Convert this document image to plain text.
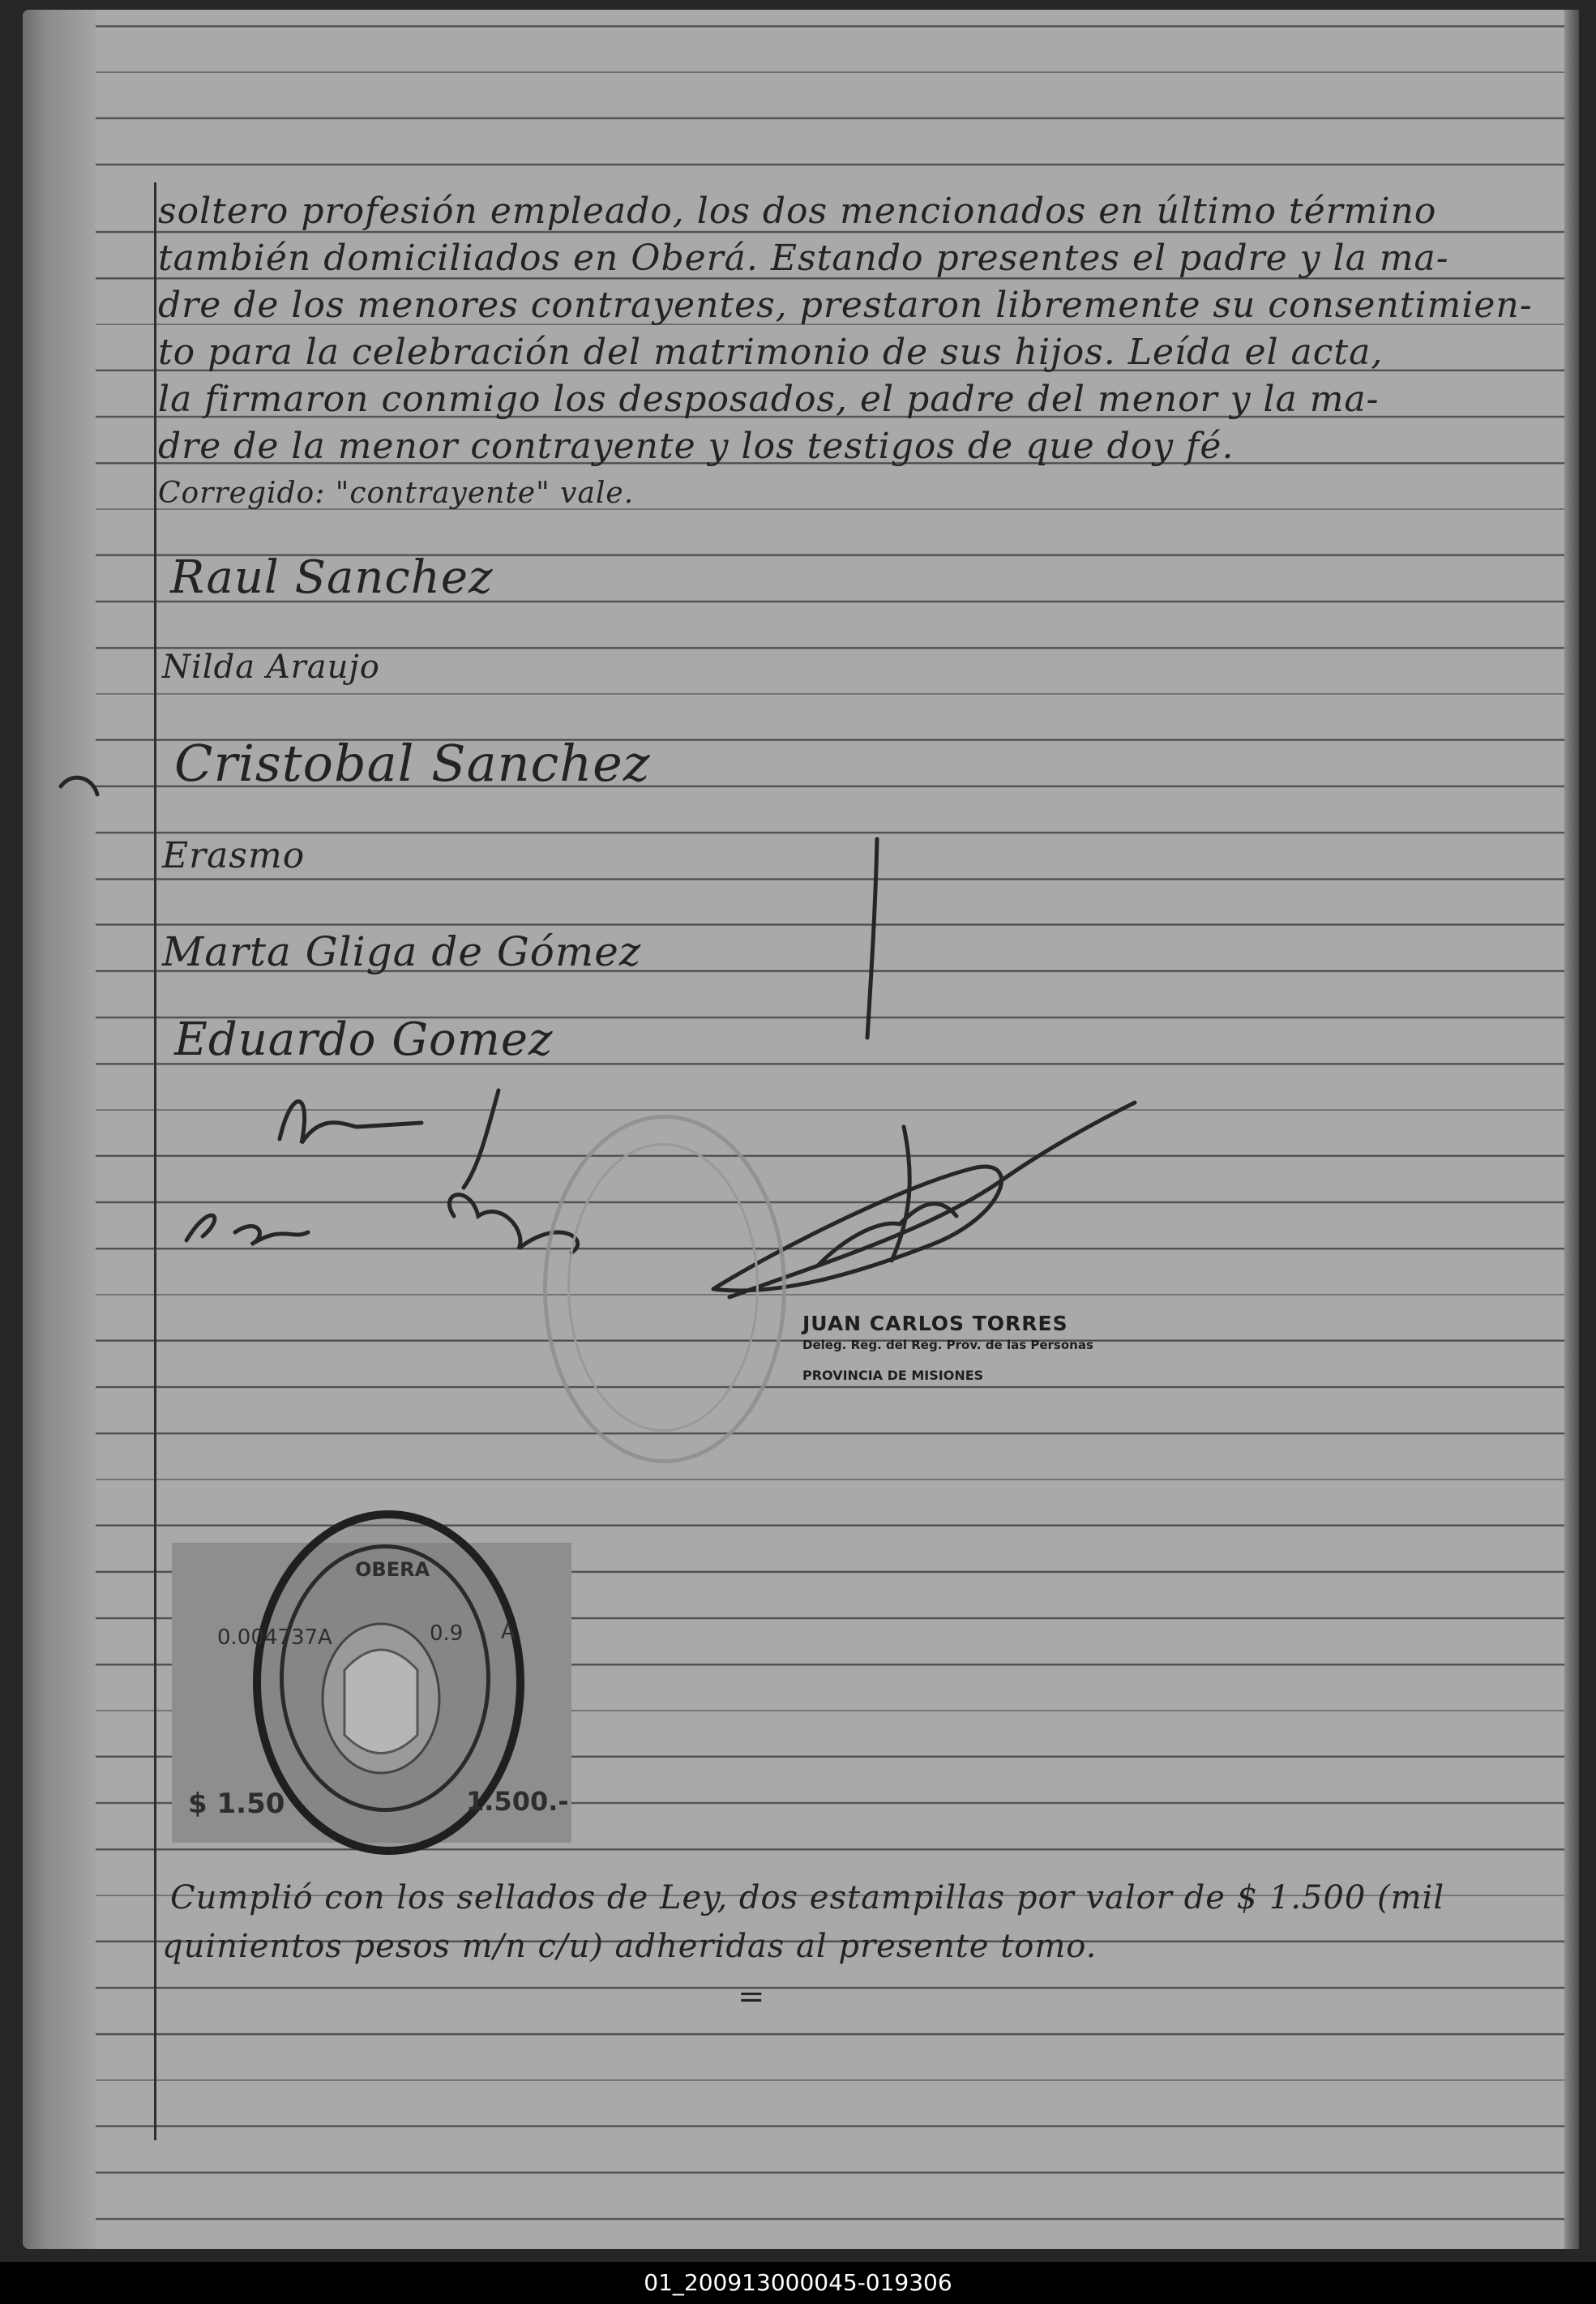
soltero profesión empleado, los dos mencionados en último término
también domiciliados en Oberá. Estando presentes el padre y la ma-
dre de los menores contrayentes, prestaron libremente su consentimien-
to para la celebración del matrimonio de sus hijos. Leída el acta,
la firmaron conmigo los desposados, el padre del menor y la ma-
dre de la menor contrayente y los testigos de que doy fé.
Corregido: "contrayente" vale.
Raul Sanchez
Nilda Araujo
Cristobal Sanchez
Erasmo
Marta Gliga de Gómez
Eduardo Gomez
JUAN CARLOS TORRES
Deleg. Reg. del Reg. Prov. de las Personas
PROVINCIA DE MISIONES
OBERA
0.004737A	0.9 A
$ 1.50	1.500.-
Cumplió con los sellados de Ley, dos estampillas por valor de $ 1.500 (mil
quinientos pesos m/n c/u) adheridas al presente tomo.
=
01_200913000045-019306
